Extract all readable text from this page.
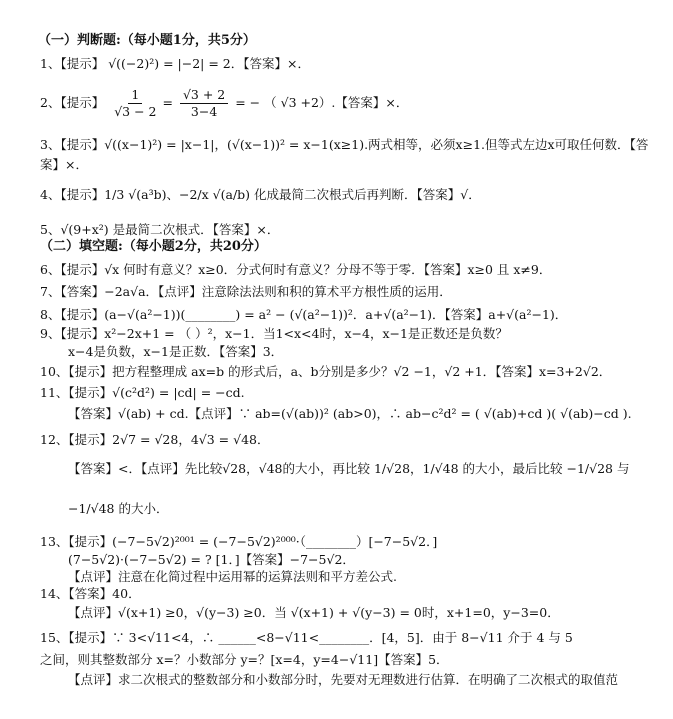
（一）判断题:（每小题1分，共5分）
1、【提示】 √((−2)²) = |−2| = 2．【答案】×．
2、【提示】 $\frac{1}{√3 - 2} = \frac{√3 + 2}{3-4}$ = − （ √3 +2）.【答案】×．
3、【提示】√((x−1)²) = |x−1|，(√(x−1))² = x−1(x≥1).两式相等，必须x≥1.但等式左边x可取任何数．【答
案】×．
4、【提示】1/3 √(a³b)、−2/x √(a/b) 化成最简二次根式后再判断．【答案】√．
5、√(9+x²) 是最简二次根式．【答案】×．
（二）填空题:（每小题2分，共20分）
6、【提示】√x 何时有意义？x≥0．分式何时有意义？分母不等于零．【答案】x≥0 且 x≠9．
7、【答案】−2a√a．【点评】注意除法法则和积的算术平方根性质的运用．
8、【提示】(a−√(a²−1))(________) = a² − (√(a²−1))²．a+√(a²−1)．【答案】a+√(a²−1)．
9、【提示】x²−2x+1 = （ ）²，x−1．当1<x<4时，x−4，x−1是正数还是负数？
x−4是负数，x−1是正数．【答案】3．
10、【提示】把方程整理成 ax=b 的形式后，a、b分别是多少？√2 −1，√2 +1．【答案】x=3+2√2．
11、【提示】√(c²d²) = |cd| = −cd.
【答案】√(ab) + cd.【点评】∵ ab=(√(ab))² (ab>0)，∴ ab−c²d² = ( √(ab)+cd )( √(ab)−cd ).
12、【提示】2√7 = √28，4√3 = √48．
【答案】<．【点评】先比较√28，√48的大小，再比较 1/√28，1/√48 的大小，最后比较 −1/√28 与
−1/√48 的大小．
13、【提示】(−7−5√2)²⁰⁰¹ = (−7−5√2)²⁰⁰⁰·（________）[−7−5√2．]
(7−5√2)·(−7−5√2) = ? [1．]【答案】−7−5√2．
【点评】注意在化简过程中运用幂的运算法则和平方差公式.
14、【答案】40．
【点评】√(x+1) ≥0，√(y−3) ≥0．当 √(x+1) + √(y−3) = 0时，x+1=0，y−3=0．
15、【提示】∵ 3<√11<4，∴ ______<8−√11<________．[4，5]．由于 8−√11 介于 4 与 5
之间，则其整数部分 x=？小数部分 y=？[x=4，y=4−√11]【答案】5．
【点评】求二次根式的整数部分和小数部分时，先要对无理数进行估算．在明确了二次根式的取值范
